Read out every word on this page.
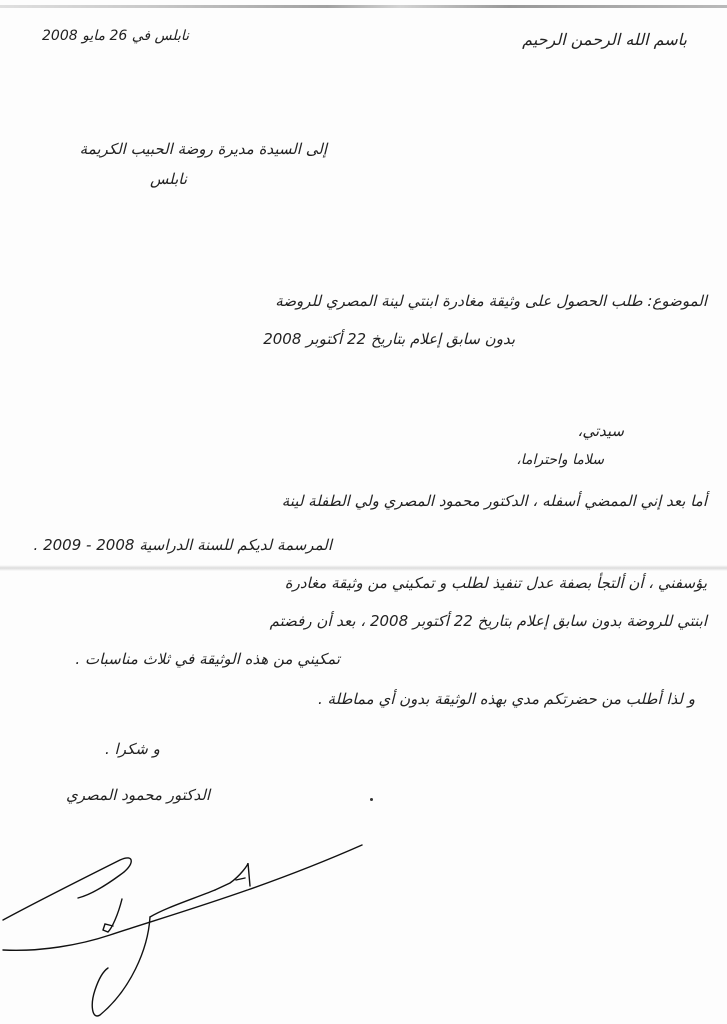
باسم الله الرحمن الرحيم
نابلس في 26 مايو 2008
إلى السيدة مديرة روضة الحبيب الكريمة
نابلس
الموضوع: طلب الحصول على وثيقة مغادرة ابنتي لينة المصري للروضة
بدون سابق إعلام بتاريخ 22 أكتوبر 2008
سيدتي،
سلاما واحتراما،
أما بعد إني الممضي أسفله ، الدكتور محمود المصري ولي الطفلة لينة
المرسمة لديكم للسنة الدراسية 2008 - 2009 .
يؤسفني ، أن ألتجأ بصفة عدل تنفيذ لطلب و تمكيني من وثيقة مغادرة
ابنتي للروضة بدون سابق إعلام بتاريخ 22 أكتوبر 2008 ، بعد أن رفضتم
تمكيني من هذه الوثيقة في ثلاث مناسبات .
و لذا أطلب من حضرتكم مدي بهذه الوثيقة بدون أي مماطلة .
و شكرا .
الدكتور محمود المصري
